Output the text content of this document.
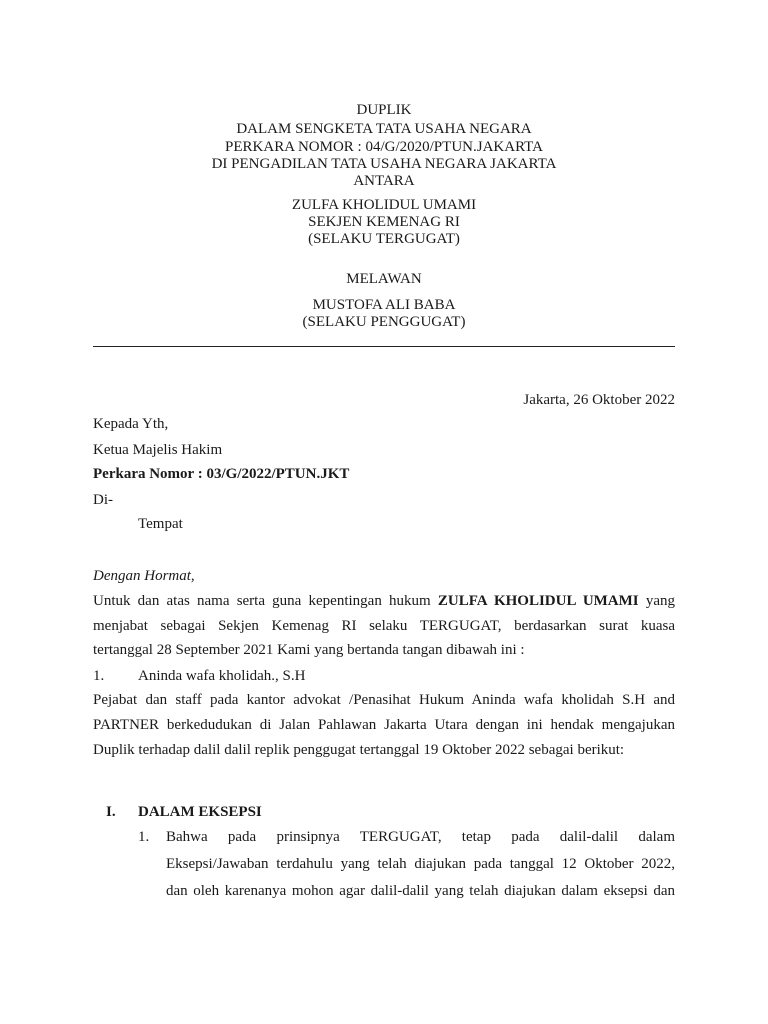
DUPLIK
DALAM SENGKETA TATA USAHA NEGARA
PERKARA NOMOR : 04/G/2020/PTUN.JAKARTA
DI PENGADILAN TATA USAHA NEGARA JAKARTA
ANTARA
ZULFA KHOLIDUL UMAMI
SEKJEN KEMENAG RI
(SELAKU TERGUGAT)
MELAWAN
MUSTOFA ALI BABA
(SELAKU PENGGUGAT)
Jakarta, 26 Oktober 2022
Kepada Yth,
Ketua Majelis Hakim
Perkara Nomor : 03/G/2022/PTUN.JKT
Di-
Tempat
Dengan Hormat,
Untuk dan atas nama serta guna kepentingan hukum ZULFA KHOLIDUL UMAMI yang
menjabat sebagai Sekjen Kemenag RI selaku TERGUGAT, berdasarkan surat kuasa
tertanggal 28 September 2021 Kami yang bertanda tangan dibawah ini :
1. Aninda wafa kholidah., S.H
Pejabat dan staff pada kantor advokat /Penasihat Hukum Aninda wafa kholidah S.H and
PARTNER berkedudukan di Jalan Pahlawan Jakarta Utara dengan ini hendak mengajukan
Duplik terhadap dalil dalil replik penggugat tertanggal 19 Oktober 2022 sebagai berikut:
I. DALAM EKSEPSI
1. Bahwa pada prinsipnya TERGUGAT, tetap pada dalil-dalil dalam
Eksepsi/Jawaban terdahulu yang telah diajukan pada tanggal 12 Oktober 2022,
dan oleh karenanya mohon agar dalil-dalil yang telah diajukan dalam eksepsi dan
